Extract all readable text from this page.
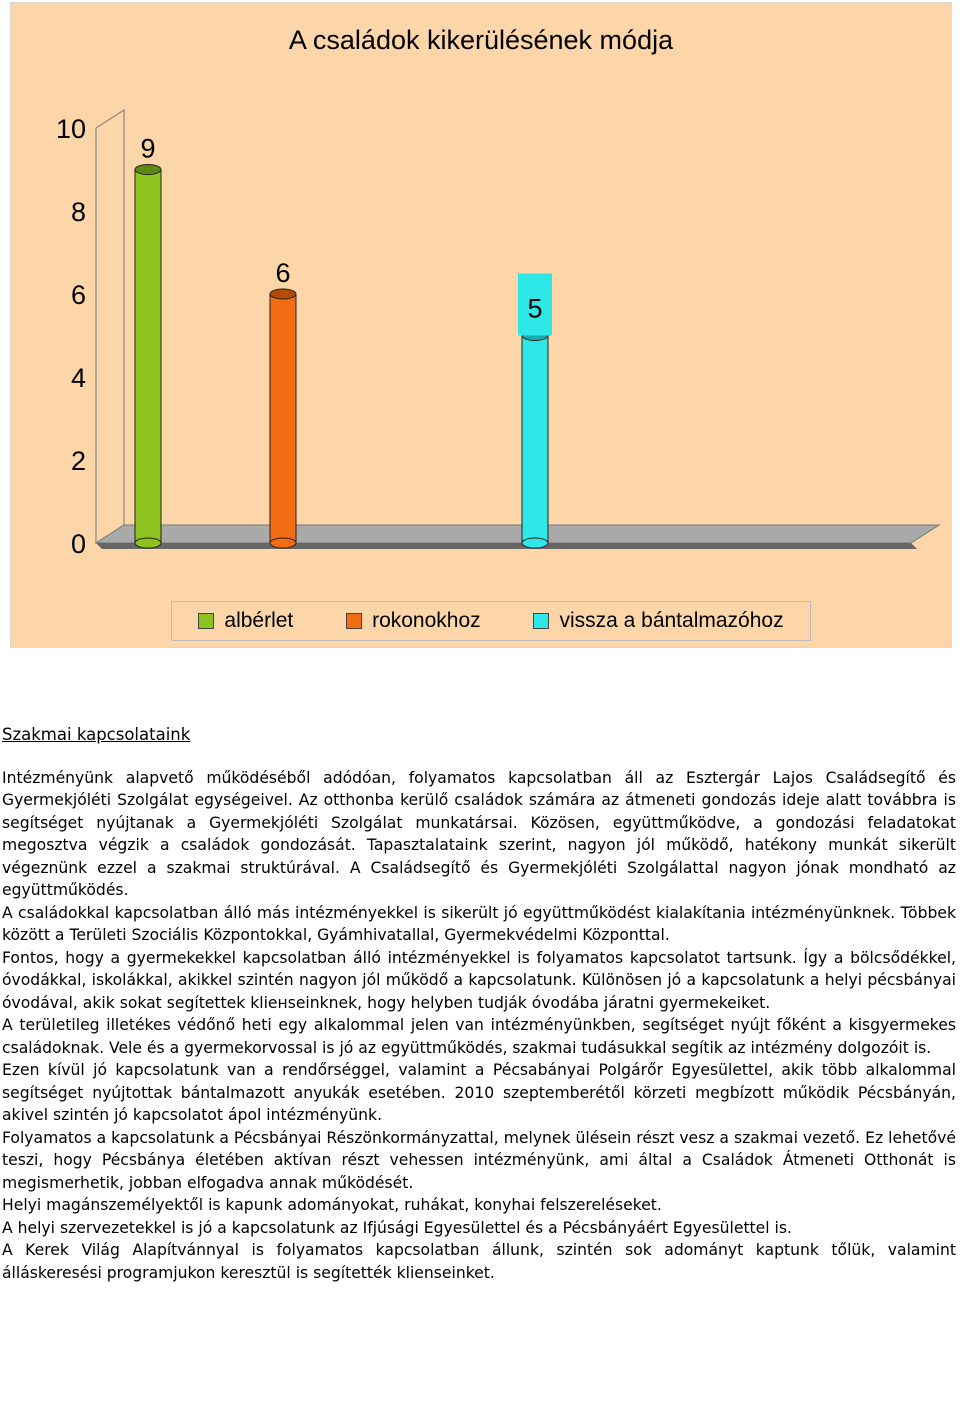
A családok kikerülésének módja
0
2
4
6
8
10
9
6
5
albérlet	rokonokhoz	vissza a bántalmazóhoz

Szakmai kapcsolataink

Intézményünk alapvető működéséből adódóan, folyamatos kapcsolatban áll az Esztergár Lajos Családsegítő és Gyermekjóléti Szolgálat egységeivel. Az otthonba kerülő családok számára az átmeneti gondozás ideje alatt továbbra is segítséget nyújtanak a Gyermekjóléti Szolgálat munkatársai. Közösen, együttműködve, a gondozási feladatokat megosztva végzik a családok gondozását. Tapasztalataink szerint, nagyon jól működő, hatékony munkát sikerült végeznünk ezzel a szakmai struktúrával. A Családsegítő és Gyermekjóléti Szolgálattal nagyon jónak mondható az együttműködés.

A családokkal kapcsolatban álló más intézményekkel is sikerült jó együttműködést kialakítania intézményünknek. Többek között a Területi Szociális Központokkal, Gyámhivatallal, Gyermekvédelmi Központtal.

Fontos, hogy a gyermekekkel kapcsolatban álló intézményekkel is folyamatos kapcsolatot tartsunk. Így a bölcsődékkel, óvodákkal, iskolákkal, akikkel szintén nagyon jól működő a kapcsolatunk. Különösen jó a kapcsolatunk a helyi pécsbányai óvodával, akik sokat segítettek kliенseinknek, hogy helyben tudják óvodába járatni gyermekeiket.

A területileg illetékes védőnő heti egy alkalommal jelen van intézményünkben, segítséget nyújt főként a kisgyermekes családoknak. Vele és a gyermekorvossal is jó az együttműködés, szakmai tudásukkal segítik az intézmény dolgozóit is.

Ezen kívül jó kapcsolatunk van a rendőrséggel, valamint a Pécsabányai Polgárőr Egyesülettel, akik több alkalommal segítséget nyújtottak bántalmazott anyukák esetében. 2010 szeptemberétől körzeti megbízott működik Pécsbányán, akivel szintén jó kapcsolatot ápol intézményünk.

Folyamatos a kapcsolatunk a Pécsbányai Részönkormányzattal, melynek ülésein részt vesz a szakmai vezető. Ez lehetővé teszi, hogy Pécsbánya életében aktívan részt vehessen intézményünk, ami által a Családok Átmeneti Otthonát is megismerhetik, jobban elfogadva annak működését.

Helyi magánszemélyektől is kapunk adományokat, ruhákat, konyhai felszereléseket.

A helyi szervezetekkel is jó a kapcsolatunk az Ifjúsági Egyesülettel és a Pécsbányáért Egyesülettel is.

A Kerek Világ Alapítvánnyal is folyamatos kapcsolatban állunk, szintén sok adományt kaptunk tőlük, valamint álláskeresési programjukon keresztül is segítették klienseinket.
